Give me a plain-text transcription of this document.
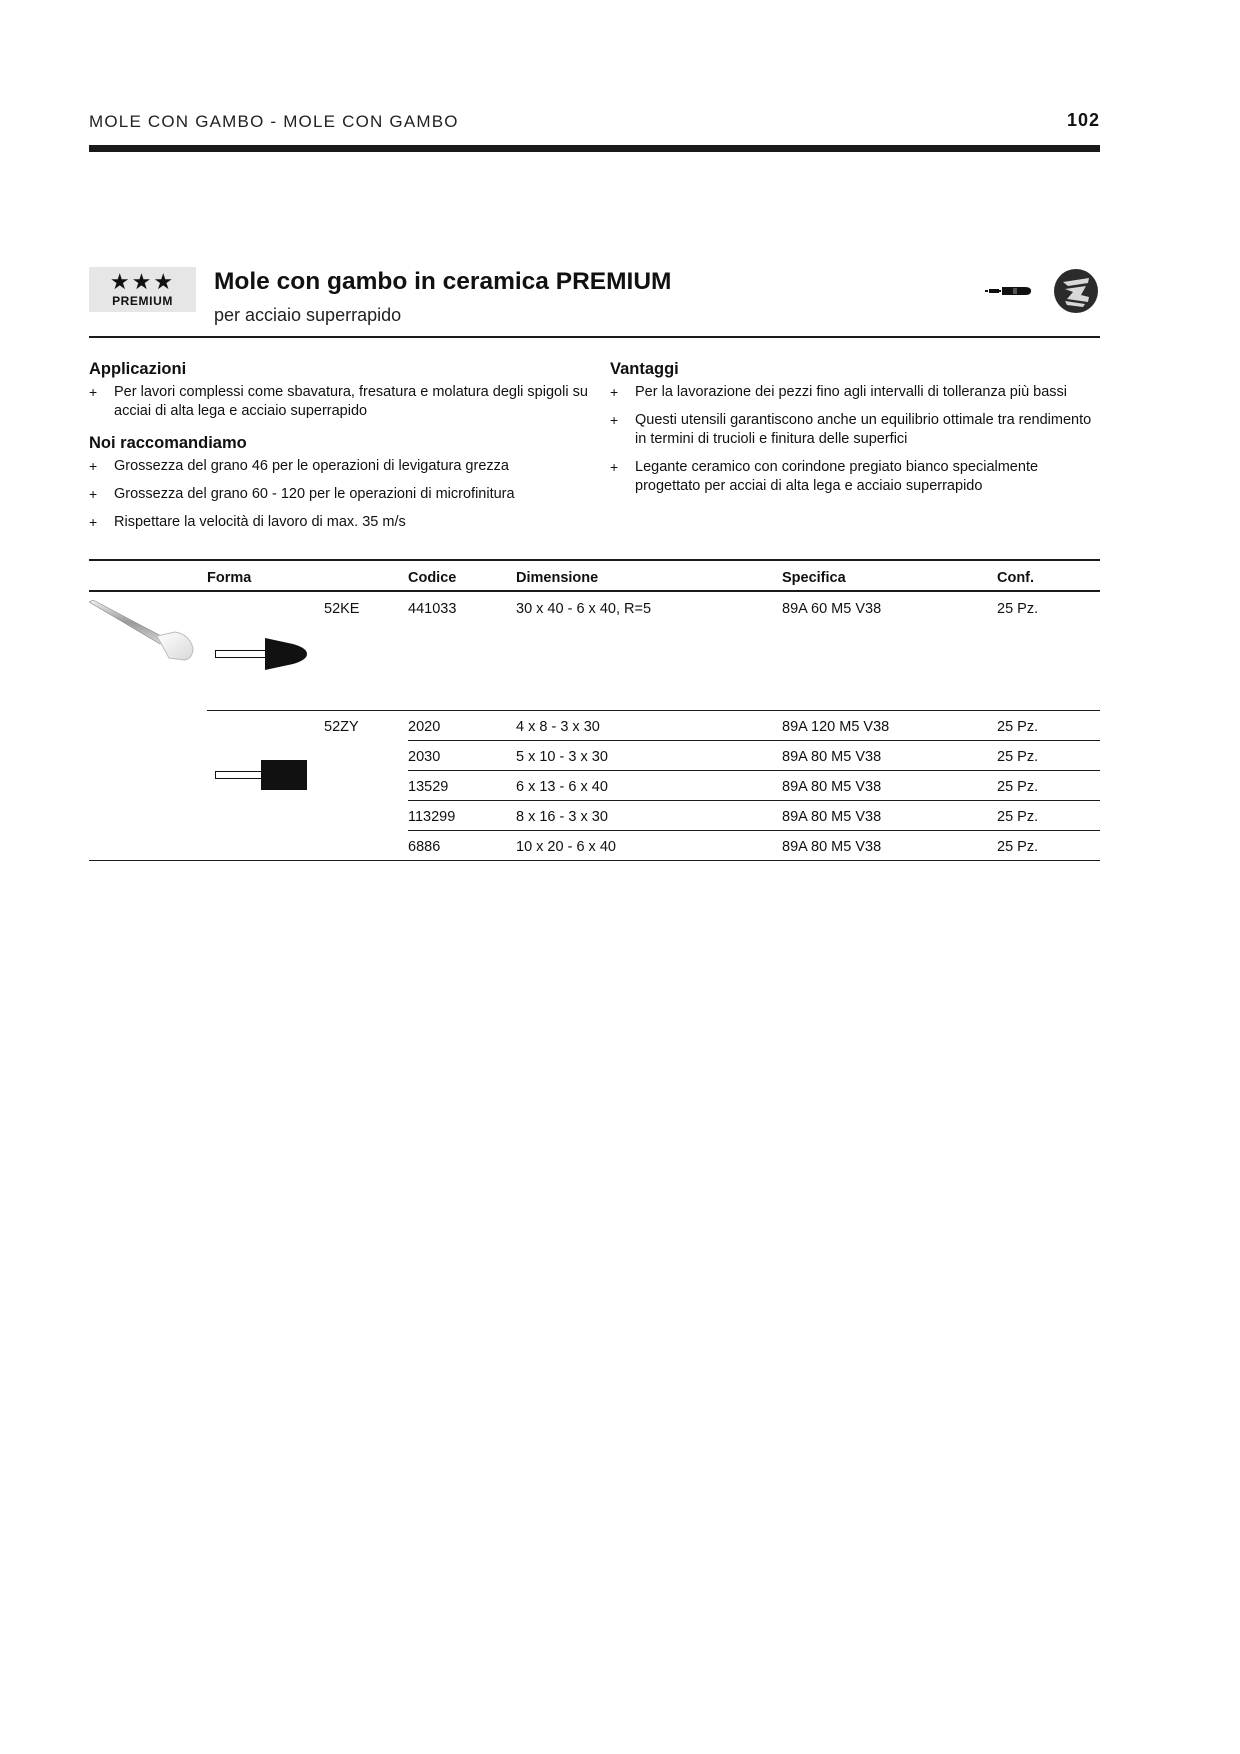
MOLE CON GAMBO - MOLE CON GAMBO	102
★★★
PREMIUM
Mole con gambo in ceramica PREMIUM
per acciaio superrapido
Applicazioni
+ Per lavori complessi come sbavatura, fresatura e molatura degli spigoli su acciai di alta lega e acciaio superrapido
Noi raccomandiamo
+ Grossezza del grano 46 per le operazioni di levigatura grezza
+ Grossezza del grano 60 - 120 per le operazioni di microfinitura
+ Rispettare la velocità di lavoro di max. 35 m/s
Vantaggi
+ Per la lavorazione dei pezzi fino agli intervalli di tolleranza più bassi
+ Questi utensili garantiscono anche un equilibrio ottimale tra rendimento in termini di trucioli e finitura delle superfici
+ Legante ceramico con corindone pregiato bianco specialmente progettato per acciai di alta lega e acciaio superrapido
Forma	Codice	Dimensione	Specifica	Conf.
52KE	441033	30 x 40 - 6 x 40, R=5	89A 60 M5 V38	25 Pz.
52ZY	2020	4 x 8 - 3 x 30	89A 120 M5 V38	25 Pz.
2030	5 x 10 - 3 x 30	89A 80 M5 V38	25 Pz.
13529	6 x 13 - 6 x 40	89A 80 M5 V38	25 Pz.
113299	8 x 16 - 3 x 30	89A 80 M5 V38	25 Pz.
6886	10 x 20 - 6 x 40	89A 80 M5 V38	25 Pz.
